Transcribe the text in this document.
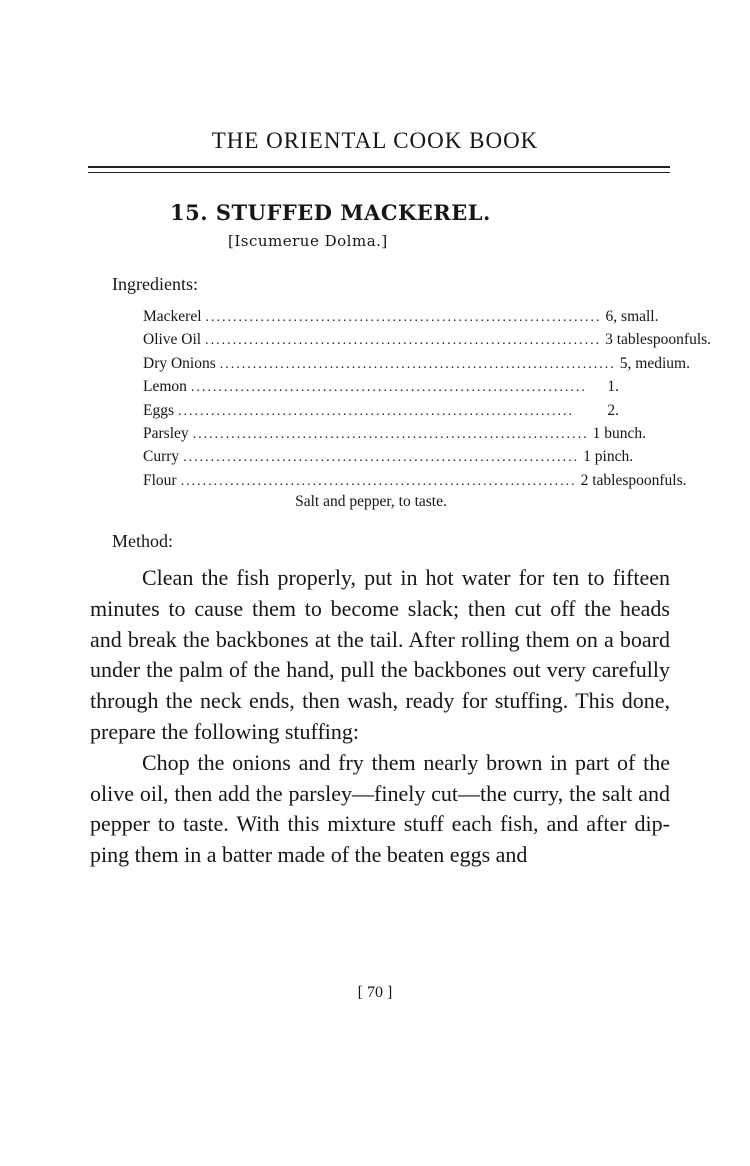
THE ORIENTAL COOK BOOK
15. STUFFED MACKEREL.
[Iscumerue Dolma.]
Ingredients:
Mackerel ........................................................................ 6, small.
Olive Oil ........................................................................ 3 tablespoonfuls.
Dry Onions ........................................................................ 5, medium.
Lemon ........................................................................	1.
Eggs ........................................................................	2.
Parsley ........................................................................ 1 bunch.
Curry ........................................................................ 1 pinch.
Flour ........................................................................ 2 tablespoonfuls.
Salt and pepper, to taste.
Method:

Clean the fish properly, put in hot water for ten to fifteen minutes to cause them to become slack; then cut off the heads and break the backbones at the tail. After rolling them on a board under the palm of the hand, pull the backbones out very carefully through the neck ends, then wash, ready for stuffing. This done, prepare the following stuffing:

Chop the onions and fry them nearly brown in part of the olive oil, then add the parsley—finely cut—the curry, the salt and pepper to taste. With this mixture stuff each fish, and after dipping them in a batter made of the beaten eggs and

[ 70 ]
